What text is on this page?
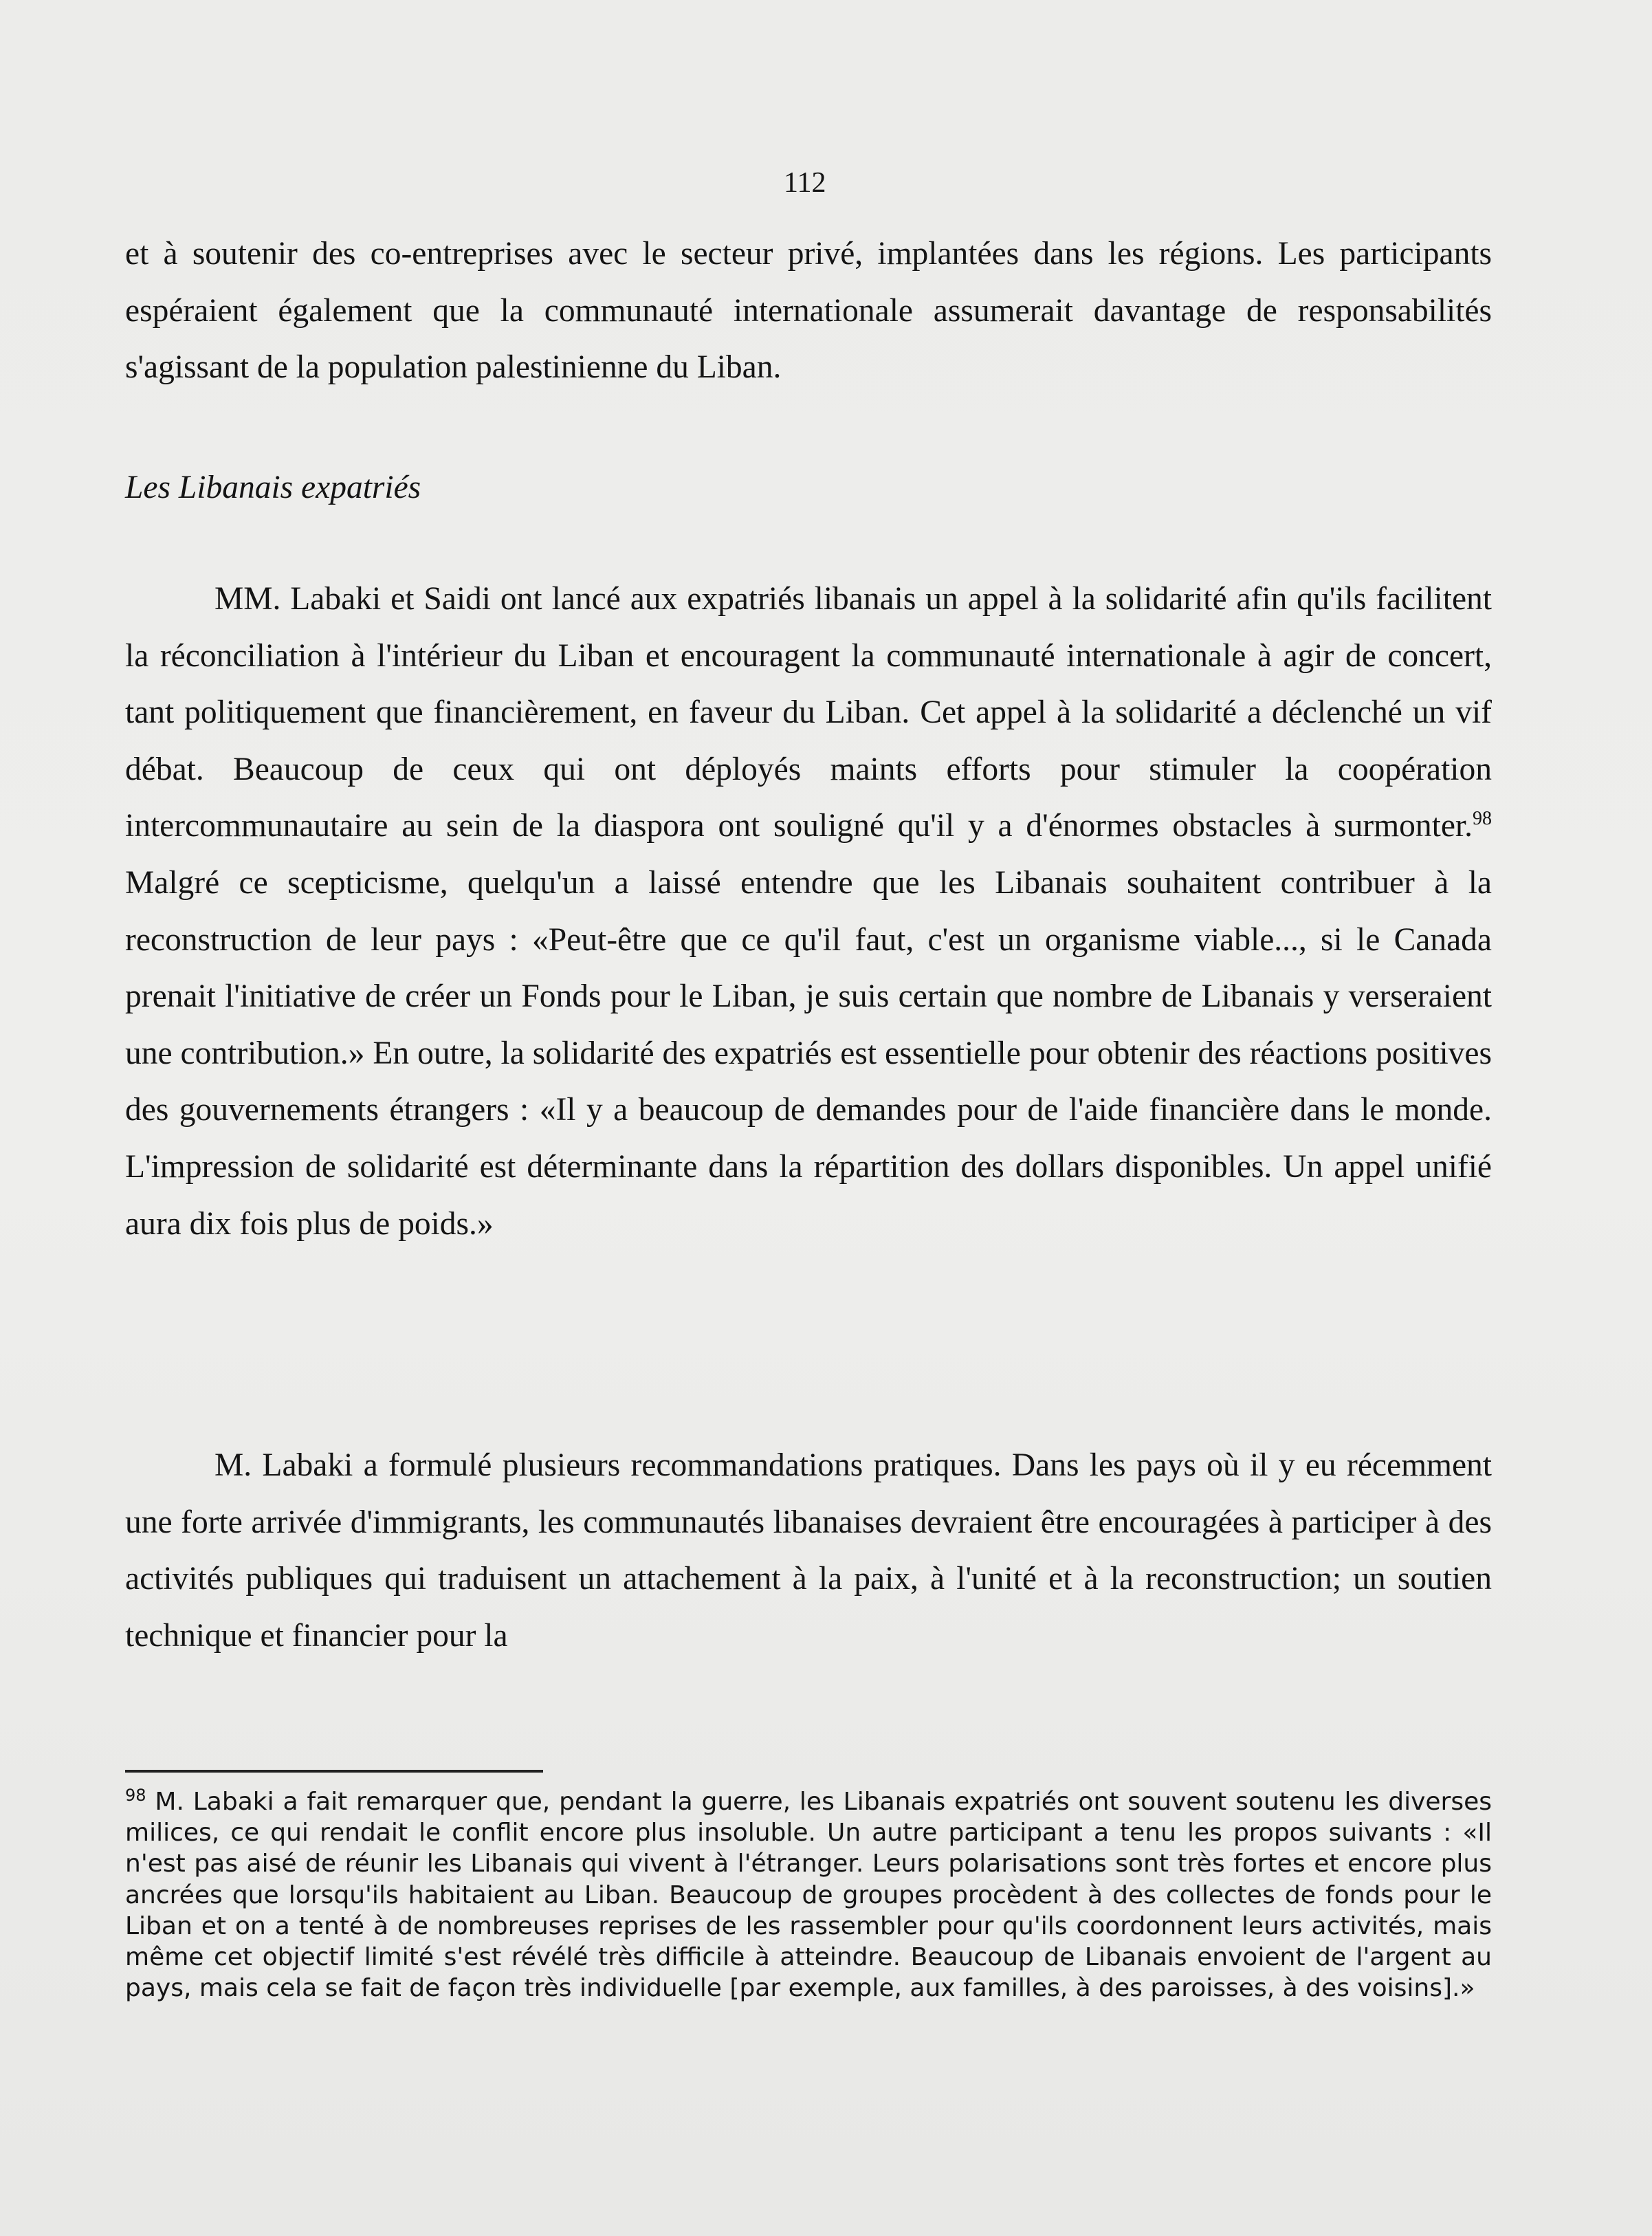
112

et à soutenir des co-entreprises avec le secteur privé, implantées dans les régions. Les participants espéraient également que la communauté internationale assumerait davantage de responsabilités s'agissant de la population palestinienne du Liban.

Les Libanais expatriés

MM. Labaki et Saidi ont lancé aux expatriés libanais un appel à la solidarité afin qu'ils facilitent la réconciliation à l'intérieur du Liban et encouragent la communauté internationale à agir de concert, tant politiquement que financièrement, en faveur du Liban. Cet appel à la solidarité a déclenché un vif débat. Beaucoup de ceux qui ont déployés maints efforts pour stimuler la coopération intercommunautaire au sein de la diaspora ont souligné qu'il y a d'énormes obstacles à surmonter.$^{98}$ Malgré ce scepticisme, quelqu'un a laissé entendre que les Libanais souhaitent contribuer à la reconstruction de leur pays : «Peut-être que ce qu'il faut, c'est un organisme viable..., si le Canada prenait l'initiative de créer un Fonds pour le Liban, je suis certain que nombre de Libanais y verseraient une contribution.» En outre, la solidarité des expatriés est essentielle pour obtenir des réactions positives des gouvernements étrangers : «Il y a beaucoup de demandes pour de l'aide financière dans le monde. L'impression de solidarité est déterminante dans la répartition des dollars disponibles. Un appel unifié aura dix fois plus de poids.»

M. Labaki a formulé plusieurs recommandations pratiques. Dans les pays où il y eu récemment une forte arrivée d'immigrants, les communautés libanaises devraient être encouragées à participer à des activités publiques qui traduisent un attachement à la paix, à l'unité et à la reconstruction; un soutien technique et financier pour la

$^{98}$ M. Labaki a fait remarquer que, pendant la guerre, les Libanais expatriés ont souvent soutenu les diverses milices, ce qui rendait le conflit encore plus insoluble. Un autre participant a tenu les propos suivants : «Il n'est pas aisé de réunir les Libanais qui vivent à l'étranger. Leurs polarisations sont très fortes et encore plus ancrées que lorsqu'ils habitaient au Liban. Beaucoup de groupes procèdent à des collectes de fonds pour le Liban et on a tenté à de nombreuses reprises de les rassembler pour qu'ils coordonnent leurs activités, mais même cet objectif limité s'est révélé très difficile à atteindre. Beaucoup de Libanais envoient de l'argent au pays, mais cela se fait de façon très individuelle [par exemple, aux familles, à des paroisses, à des voisins].»
